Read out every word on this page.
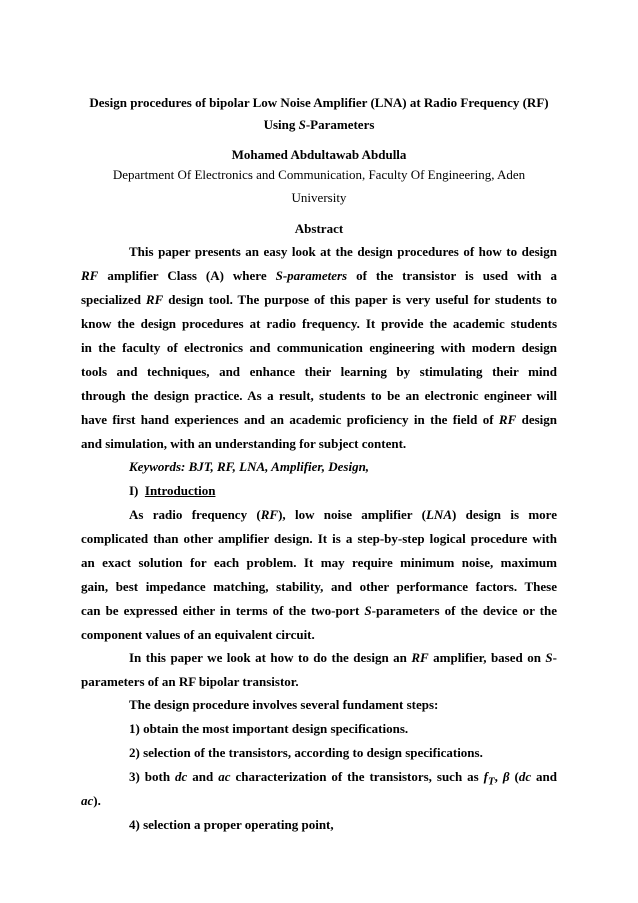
Design procedures of bipolar Low Noise Amplifier (LNA) at Radio Frequency (RF)
Using S-Parameters
Mohamed Abdultawab Abdulla
Department Of Electronics and Communication, Faculty Of Engineering, Aden
University
Abstract
This paper presents an easy look at the design procedures of how to design
RF amplifier Class (A) where S-parameters of the transistor is used with a
specialized RF design tool. The purpose of this paper is very useful for students to
know the design procedures at radio frequency. It provide the academic students
in the faculty of electronics and communication engineering with modern design
tools and techniques, and enhance their learning by stimulating their mind
through the design practice. As a result, students to be an electronic engineer will
have first hand experiences and an academic proficiency in the field of RF design
and simulation, with an understanding for subject content.
Keywords: BJT, RF, LNA, Amplifier, Design,
I) Introduction
As radio frequency (RF), low noise amplifier (LNA) design is more
complicated than other amplifier design. It is a step-by-step logical procedure with
an exact solution for each problem. It may require minimum noise, maximum
gain, best impedance matching, stability, and other performance factors. These
can be expressed either in terms of the two-port S-parameters of the device or the
component values of an equivalent circuit.
In this paper we look at how to do the design an RF amplifier, based on S-
parameters of an RF bipolar transistor.
The design procedure involves several fundament steps:
1) obtain the most important design specifications.
2) selection of the transistors, according to design specifications.
3) both dc and ac characterization of the transistors, such as $f_T$, β (dc and
ac).
4) selection a proper operating point,
